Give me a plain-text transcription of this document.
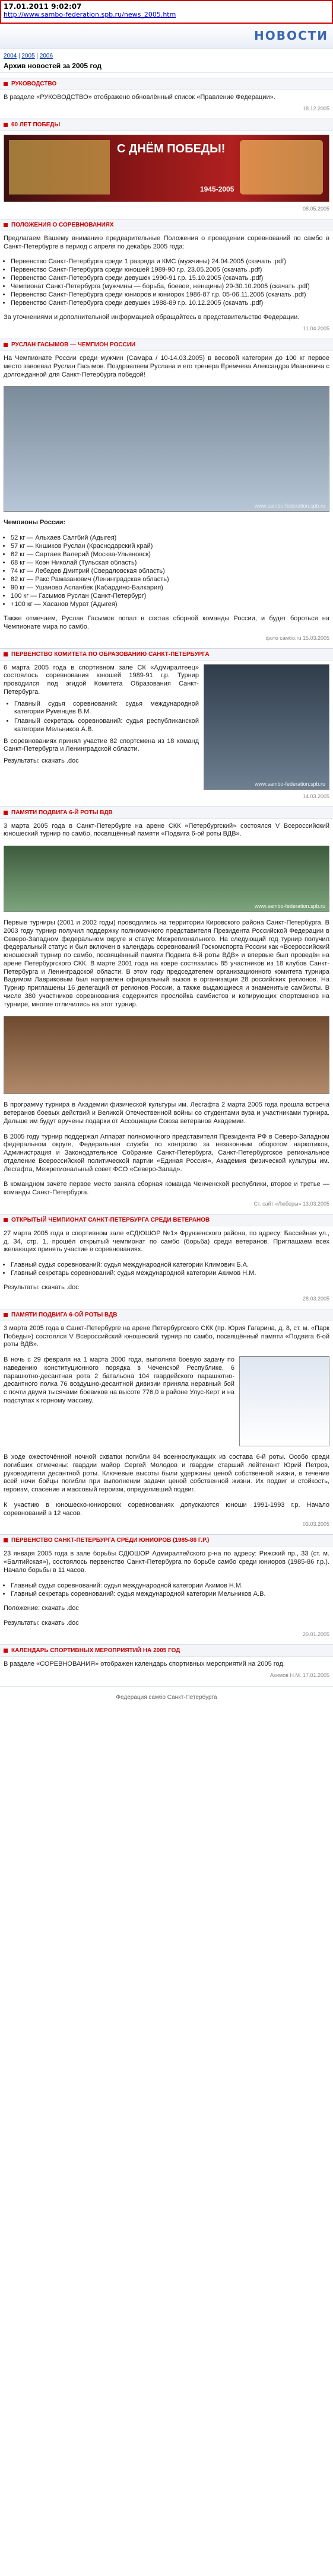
17.01.2011 9:02:07
http://www.sambo-federation.spb.ru/news_2005.htm
НОВОСТИ
2004 | 2005 | 2006
Архив новостей за 2005 год
РУКОВОДСТВО
В разделе «РУКОВОДСТВО» отображено обновлённый список «Правление Федерации».
18.12.2005
60 ЛЕТ ПОБЕДЫ
С ДНЁМ ПОБЕДЫ!
1945-2005
08.05.2005
ПОЛОЖЕНИЯ О СОРЕВНОВАНИЯХ
Предлагаем Вашему вниманию предварительные Положения о проведении соревнований по самбо в Санкт-Петербурге в период с апреля по декабрь 2005 года:
• Первенство Санкт-Петербурга среди 1 разряда и КМС (мужчины) 24.04.2005 (скачать .pdf)
• Первенство Санкт-Петербурга среди юношей 1989-90 г.р. 23.05.2005 (скачать .pdf)
• Первенство Санкт-Петербурга среди девушек 1990-91 г.р. 15.10.2005 (скачать .pdf)
• Чемпионат Санкт-Петербурга (мужчины — борьба, боевое, женщины) 29-30.10.2005 (скачать .pdf)
• Первенство Санкт-Петербурга среди юниоров и юниорок 1986-87 г.р. 05-06.11.2005 (скачать .pdf)
• Первенство Санкт-Петербурга среди девушек 1988-89 г.р. 10.12.2005 (скачать .pdf)
За уточнениями и дополнительной информацией обращайтесь в представительство Федерации.
11.04.2005
РУСЛАН ГАСЫМОВ — ЧЕМПИОН РОССИИ
На Чемпионате России среди мужчин (Самара / 10-14.03.2005) в весовой категории до 100 кг первое место завоевал Руслан Гасымов. Поздравляем Руслана и его тренера Еремчева Александра Ивановича с долгожданной для Санкт-Петербурга победой!
www.sambo-federation.spb.ru
Чемпионы России:
• 52 кг — Альхаев Салгбий (Адыгея)
• 57 кг — Кншиков Руслан (Краснодарский край)
• 62 кг — Сартаев Валерий (Москва-Ульяновск)
• 68 кг — Коэн Николай (Тульская область)
• 74 кг — Лебедев Дмитрий (Свердловская область)
• 82 кг — Ракс Рамазанович (Ленинградская область)
• 90 кг — Ушаново Асланбек (Кабардино-Балкария)
• 100 кг — Гасымов Руслан (Санкт-Петербург)
• +100 кг — Хасанов Мурат (Адыгея)
Также отмечаем, Руслан Гасымов попал в состав сборной команды России, и будет бороться на Чемпионате мира по самбо.
фото самбо.ru 15.03.2005
ПЕРВЕНСТВО КОМИТЕТА ПО ОБРАЗОВАНИЮ САНКТ-ПЕТЕРБУРГА
6 марта 2005 года в спортивном зале СК «Адмиралтеец» состоялось соревнования юношей 1989-91 г.р. Турнир проводился под эгидой Комитета Образования Санкт-Петербурга.
• Главный судья соревнований: судья международной категории Румянцев В.М.
• Главный секретарь соревнований: судья республиканской категории Мельников А.В.
В соревнованиях принял участие 82 спортсмена из 18 команд Санкт-Петербурга и Ленинградской области.
Результаты: скачать .doc
www.sambo-federation.spb.ru
14.03.2005
ПАМЯТИ ПОДВИГА 6-Й РОТЫ ВДВ
3 марта 2005 года в Санкт-Петербурге на арене СКК «Петербургский» состоялся V Всероссийский юношеский турнир по самбо, посвящённый памяти «Подвига 6-ой роты ВДВ».
www.sambo-federation.spb.ru
Первые турниры (2001 и 2002 годы) проводились на территории Кировского района Санкт-Петербурга. В 2003 году турнир получил поддержку полномочного представителя Президента Российской Федерации в Северо-Западном федеральном округе и статус Межрегионального. На следующий год турнир получил федеральный статус и был включен в календарь соревнований Госкомспорта России как «Всероссийский юношеский турнир по самбо, посвящённый памяти Подвига 6-й роты ВДВ» и впервые был проведён на арене Петербургского СКК. В марте 2001 года на ковре состязались 85 участников из 18 клубов Санкт-Петербурга и Ленинградской области. В этом году председателем организационного комитета турнира Вадимом Лавриковым был направлен официальный вызов в организации 28 российских регионов. На Турнир приглашены 16 делегаций от регионов России, а также выдающиеся и знаменитые самбисты. В числе 380 участников соревнования содержится прослойка самбистов и копирующих спортсменов на турнире, многие отличились на этот турнир.
В программу турнира в Академии физической культуры им. Лесгафта 2 марта 2005 года прошла встреча ветеранов боевых действий и Великой Отечественной войны со студентами вуза и участниками турнира. Дальше им будут вручены подарки от Ассоциации Союза ветеранов Академии.
В 2005 году турнир поддержал Аппарат полномочного представителя Президента РФ в Северо-Западном федеральном округе, Федеральная служба по контролю за незаконным оборотом наркотиков, Администрация и Законодательное Собрание Санкт-Петербурга, Санкт-Петербургское региональное отделение Всероссийской политической партии «Единая Россия», Академия физической культуры им. Лесгафта, Межрегиональный совет ФСО «Северо-Запад».
В командном зачёте первое место заняла сборная команда Ченченской республики, второе и третье — команды Санкт-Петербурга.
Ст. сайт «Люберы» 13.03.2005
ОТКРЫТЫЙ ЧЕМПИОНАТ САНКТ-ПЕТЕРБУРГА СРЕДИ ВЕТЕРАНОВ
27 марта 2005 года в спортивном зале «СДЮШОР №1» Фрунзенского района, по адресу: Бассейная ул., д. 34, стр. 1, прошёл открытый чемпионат по самбо (борьба) среди ветеранов. Приглашаем всех желающих принять участие в соревнованиях.
• Главный судья соревнований: судья международной категории Климович Б.А.
• Главный секретарь соревнований: судья международной категории Акимов Н.М.
Результаты: скачать .doc
28.03.2005
ПАМЯТИ ПОДВИГА 6-ОЙ РОТЫ ВДВ
3 марта 2005 года в Санкт-Петербурге на арене Петербургского СКК (пр. Юрия Гагарина, д. 8, ст. м. «Парк Победы») состоялся V Всероссийский юношеский турнир по самбо, посвящённый памяти «Подвига 6-ой роты ВДВ».
В ночь с 29 февраля на 1 марта 2000 года, выполняя боевую задачу по наведению конституционного порядка в Чеченской Республике, 6 парашютно-десантная рота 2 батальона 104 гвардейского парашютно-десантного полка 76 воздушно-десантной дивизии приняла неравный бой с почти двумя тысячами боевиков на высоте 776,0 в районе Улус-Керт и на подступах к горному массиву.
В ходе ожесточённой ночной схватки погибли 84 военнослужащих из состава 6-й роты. Особо среди погибших отмечены: гвардии майор Сергей Молодов и гвардии старший лейтенант Юрий Петров, руководители десантной роты. Ключевые высоты были удержаны ценой собственной жизни, в течение всей ночи бойцы погибли при выполнении задачи ценой собственной жизни. Их подвиг и стойкость, героизм, спасение и массовый героизм, определивший подвиг.
К участию в юношеско-юниорских соревнованиях допускаются юноши 1991-1993 г.р. Начало соревнований в 12 часов.
03.03.2005
ПЕРВЕНСТВО САНКТ-ПЕТЕРБУРГА СРЕДИ ЮНИОРОВ (1985-86 Г.Р.)
23 января 2005 года в зале борьбы СДЮШОР Адмиралтейского р-на по адресу: Рижский пр., 33 (ст. м. «Балтийская»), состоялось первенство Санкт-Петербурга по борьбе самбо среди юниоров (1985-86 г.р.). Начало борьбы в 11 часов.
• Главный судья соревнований: судья международной категории Акимов Н.М.
• Главный секретарь соревнований: судья международной категории Мельников А.В.
Положение: скачать .doc
Результаты: скачать .doc
20.01.2005
КАЛЕНДАРЬ СПОРТИВНЫХ МЕРОПРИЯТИЙ НА 2005 ГОД
В разделе «СОРЕВНОВАНИЯ» отображен календарь спортивных мероприятий на 2005 год.
Акимов Н.М. 17.01.2005
Федерация самбо Санкт-Петербурга
